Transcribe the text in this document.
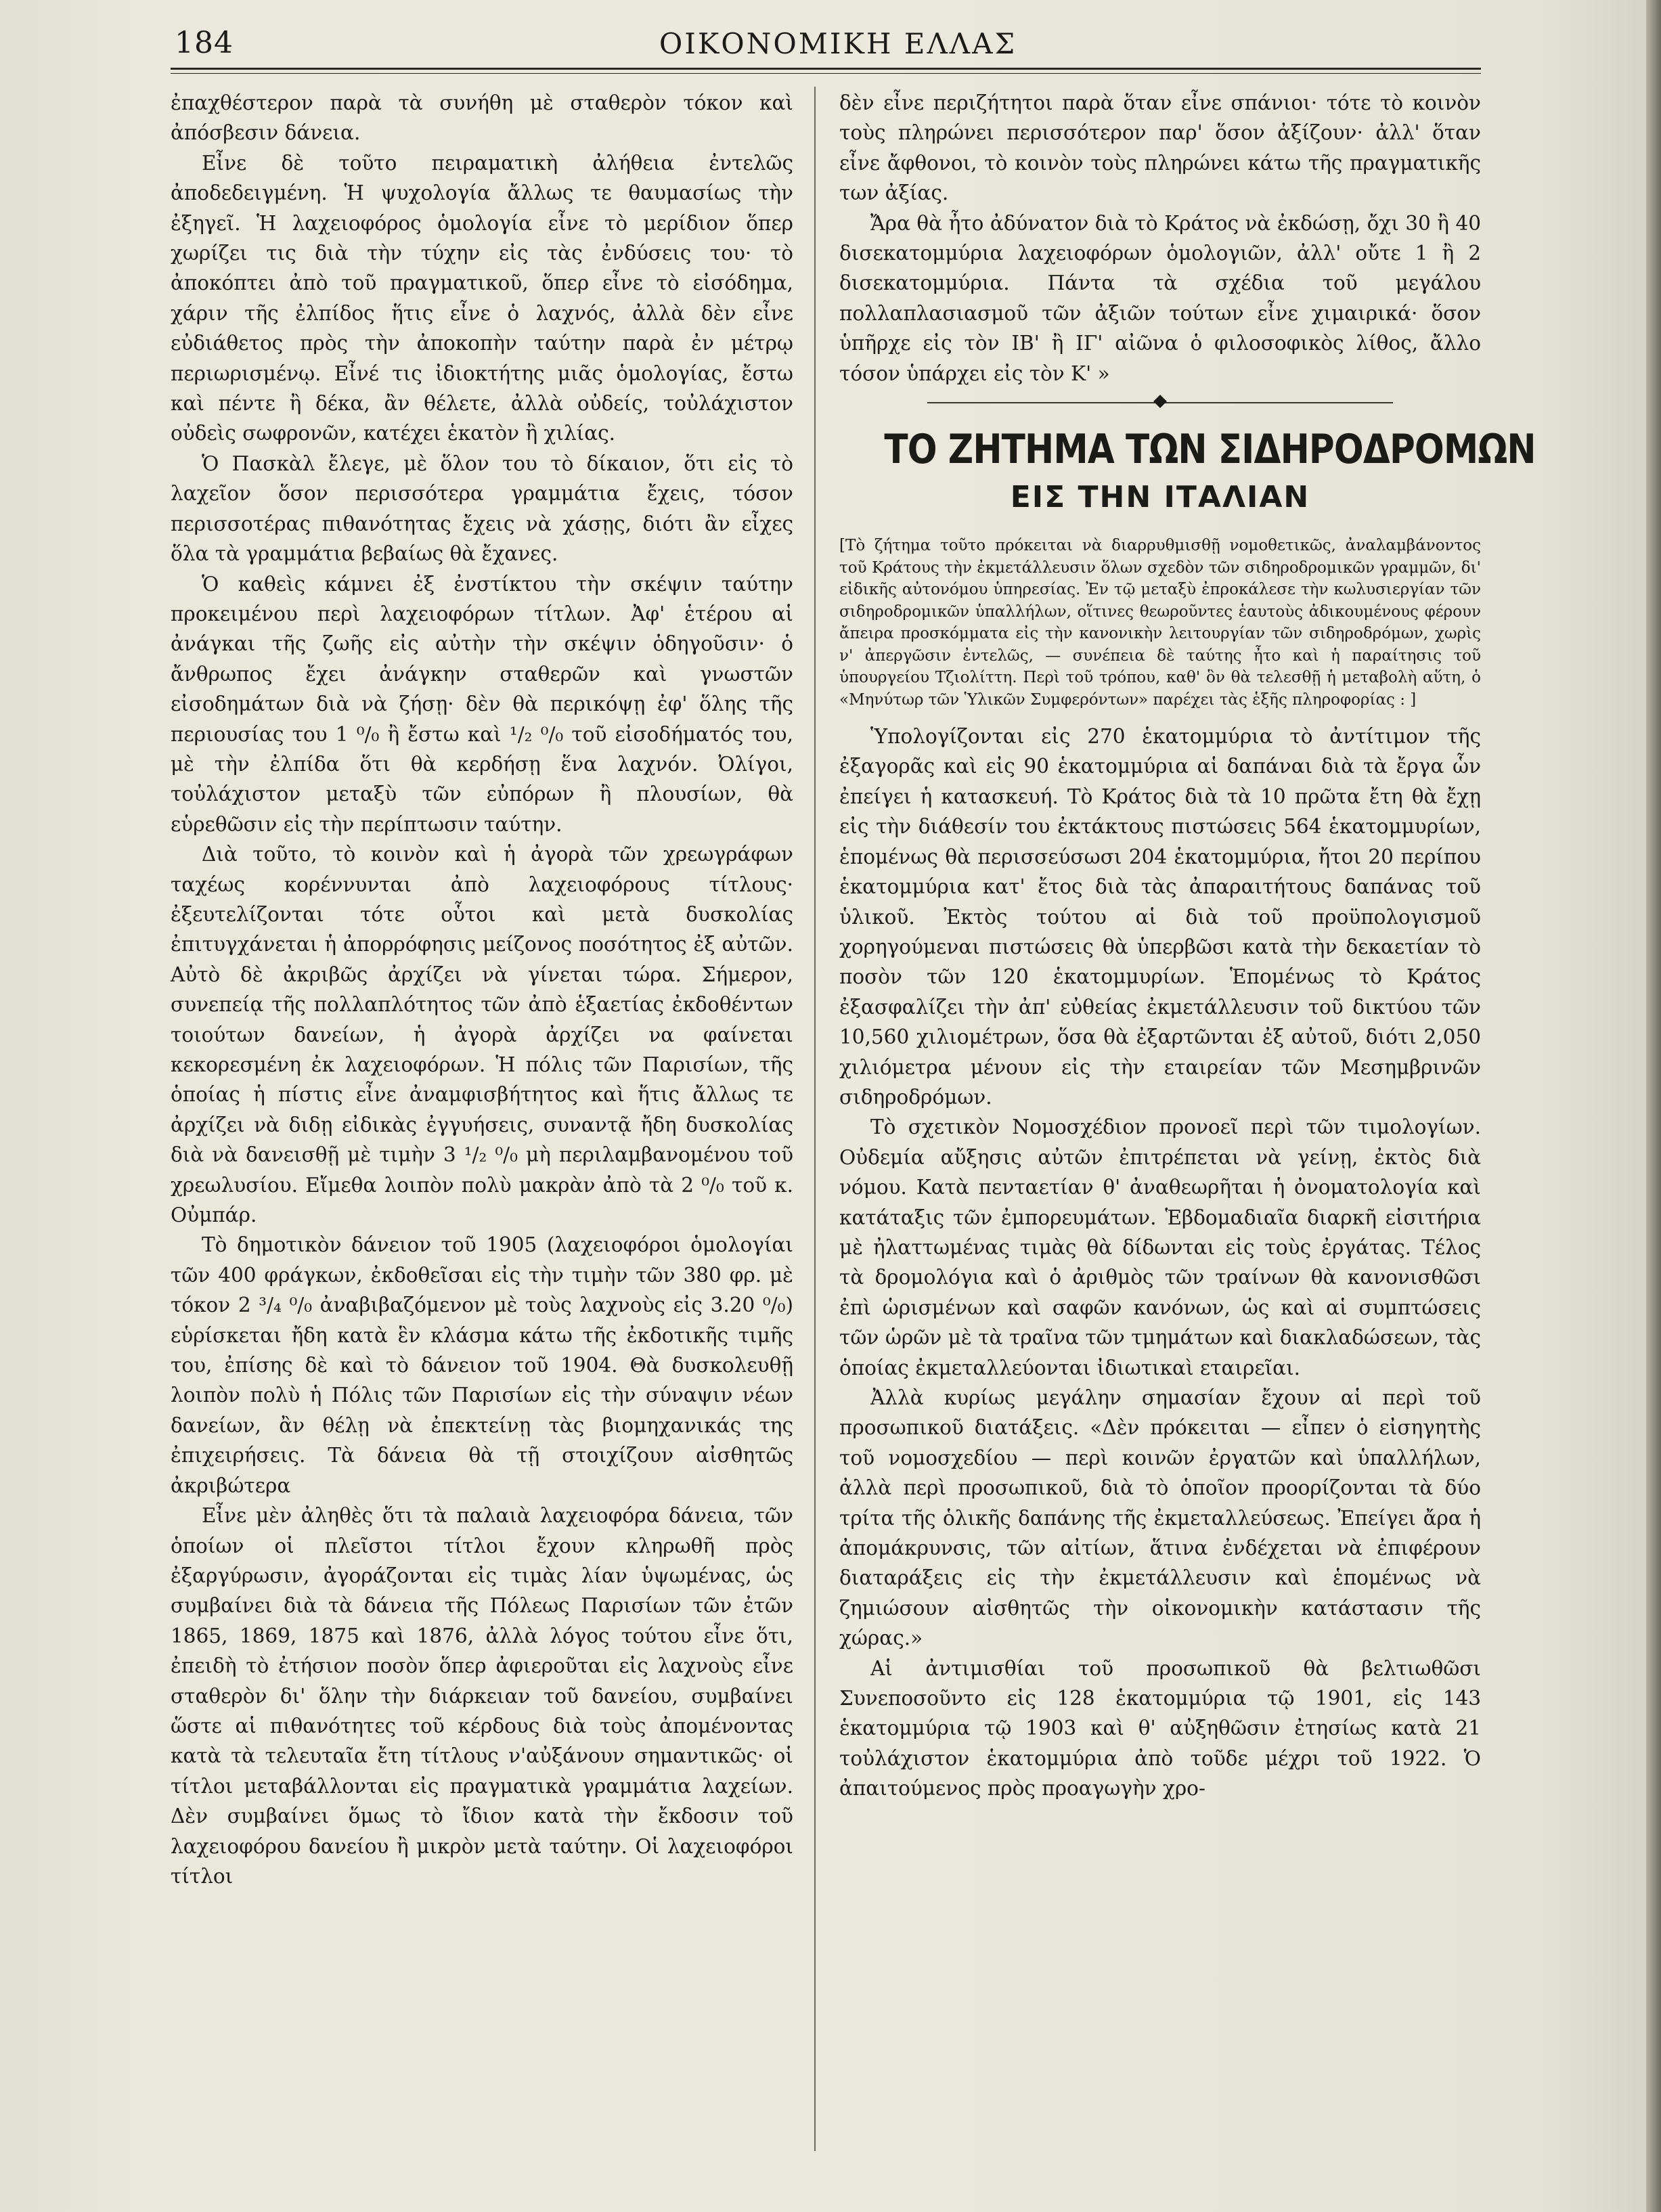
184	ΟΙΚΟΝΟΜΙΚΗ ΕΛΛΑΣ

ἐπαχθέστερον παρὰ τὰ συνήθη μὲ σταθερὸν τόκον καὶ ἀπόσβεσιν δάνεια.

Εἶνε δὲ τοῦτο πειραματικὴ ἀλήθεια ἐντελῶς ἀποδεδειγμένη. Ἡ ψυχολογία ἄλλως τε θαυμασίως τὴν ἐξηγεῖ. Ἡ λαχειοφόρος ὁμολογία εἶνε τὸ μερίδιον ὅπερ χωρίζει τις διὰ τὴν τύχην εἰς τὰς ἐνδύσεις του· τὸ ἀποκόπτει ἀπὸ τοῦ πραγματικοῦ, ὅπερ εἶνε τὸ εἰσόδημα, χάριν τῆς ἐλπίδος ἥτις εἶνε ὁ λαχνός, ἀλλὰ δὲν εἶνε εὐδιάθετος πρὸς τὴν ἀποκοπὴν ταύτην παρὰ ἐν μέτρῳ περιωρισμένῳ. Εἶνέ τις ἰδιοκτήτης μιᾶς ὁμολογίας, ἔστω καὶ πέντε ἢ δέκα, ἂν θέλετε, ἀλλὰ οὐδείς, τοὐλάχιστον οὐδεὶς σωφρονῶν, κατέχει ἑκατὸν ἢ χιλίας.

Ὁ Πασκὰλ ἔλεγε, μὲ ὅλον του τὸ δίκαιον, ὅτι εἰς τὸ λαχεῖον ὅσον περισσότερα γραμμάτια ἔχεις, τόσον περισσοτέρας πιθανότητας ἔχεις νὰ χάσῃς, διότι ἂν εἶχες ὅλα τὰ γραμμάτια βεβαίως θὰ ἔχανες.

Ὁ καθεὶς κάμνει ἐξ ἐνστίκτου τὴν σκέψιν ταύτην προκειμένου περὶ λαχειοφόρων τίτλων. Ἀφ' ἑτέρου αἱ ἀνάγκαι τῆς ζωῆς εἰς αὐτὴν τὴν σκέψιν ὁδηγοῦσιν· ὁ ἄνθρωπος ἔχει ἀνάγκην σταθερῶν καὶ γνωστῶν εἰσοδημάτων διὰ νὰ ζήσῃ· δὲν θὰ περικόψῃ ἐφ' ὅλης τῆς περιουσίας του 1 ⁰/₀ ἢ ἔστω καὶ ¹/₂ ⁰/₀ τοῦ εἰσοδήματός του, μὲ τὴν ἐλπίδα ὅτι θὰ κερδήσῃ ἕνα λαχνόν. Ὀλίγοι, τοὐλάχιστον μεταξὺ τῶν εὐπόρων ἢ πλουσίων, θὰ εὑρεθῶσιν εἰς τὴν περίπτωσιν ταύτην.

Διὰ τοῦτο, τὸ κοινὸν καὶ ἡ ἀγορὰ τῶν χρεωγράφων ταχέως κορέννυνται ἀπὸ λαχειοφόρους τίτλους· ἐξευτελίζονται τότε οὗτοι καὶ μετὰ δυσκολίας ἐπιτυγχάνεται ἡ ἀπορρόφησις μείζονος ποσότητος ἐξ αὐτῶν. Αὐτὸ δὲ ἀκριβῶς ἀρχίζει νὰ γίνεται τώρα. Σήμερον, συνεπείᾳ τῆς πολλαπλότητος τῶν ἀπὸ ἑξαετίας ἐκδοθέντων τοιούτων δανείων, ἡ ἀγορὰ ἀρχίζει να φαίνεται κεκορεσμένη ἐκ λαχειοφόρων. Ἡ πόλις τῶν Παρισίων, τῆς ὁποίας ἡ πίστις εἶνε ἀναμφισβήτητος καὶ ἥτις ἄλλως τε ἀρχίζει νὰ διδῃ εἰδικὰς ἐγγυήσεις, συναντᾷ ἤδη δυσκολίας διὰ νὰ δανεισθῇ μὲ τιμὴν 3 ¹/₂ ⁰/₀ μὴ περιλαμβανομένου τοῦ χρεωλυσίου. Εἴμεθα λοιπὸν πολὺ μακρὰν ἀπὸ τὰ 2 ⁰/₀ τοῦ κ. Οὐμπάρ.

Τὸ δημοτικὸν δάνειον τοῦ 1905 (λαχειοφόροι ὁμολογίαι τῶν 400 φράγκων, ἐκδοθεῖσαι εἰς τὴν τιμὴν τῶν 380 φρ. μὲ τόκον 2 ³/₄ ⁰/₀ ἀναβιβαζόμενον μὲ τοὺς λαχνοὺς εἰς 3.20 ⁰/₀) εὑρίσκεται ἤδη κατὰ ἓν κλάσμα κάτω τῆς ἐκδοτικῆς τιμῆς του, ἐπίσης δὲ καὶ τὸ δάνειον τοῦ 1904. Θὰ δυσκολευθῇ λοιπὸν πολὺ ἡ Πόλις τῶν Παρισίων εἰς τὴν σύναψιν νέων δανείων, ἂν θέλῃ νὰ ἐπεκτείνῃ τὰς βιομηχανικάς της ἐπιχειρήσεις. Τὰ δάνεια θὰ τῇ στοιχίζουν αἰσθητῶς ἀκριβώτερα

Εἶνε μὲν ἀληθὲς ὅτι τὰ παλαιὰ λαχειοφόρα δάνεια, τῶν ὁποίων οἱ πλεῖστοι τίτλοι ἔχουν κληρωθῆ πρὸς ἐξαργύρωσιν, ἀγοράζονται εἰς τιμὰς λίαν ὑψωμένας, ὡς συμβαίνει διὰ τὰ δάνεια τῆς Πόλεως Παρισίων τῶν ἐτῶν 1865, 1869, 1875 καὶ 1876, ἀλλὰ λόγος τούτου εἶνε ὅτι, ἐπειδὴ τὸ ἐτήσιον ποσὸν ὅπερ ἀφιεροῦται εἰς λαχνοὺς εἶνε σταθερὸν δι' ὅλην τὴν διάρκειαν τοῦ δανείου, συμβαίνει ὥστε αἱ πιθανότητες τοῦ κέρδους διὰ τοὺς ἀπομένοντας κατὰ τὰ τελευταῖα ἔτη τίτλους ν'αὐξάνουν σημαντικῶς· οἱ τίτλοι μεταβάλλονται εἰς πραγματικὰ γραμμάτια λαχείων. Δὲν συμβαίνει ὅμως τὸ ἴδιον κατὰ τὴν ἔκδοσιν τοῦ λαχειοφόρου δανείου ἢ μικρὸν μετὰ ταύτην. Οἱ λαχειοφόροι τίτλοι

δὲν εἶνε περιζήτητοι παρὰ ὅταν εἶνε σπάνιοι· τότε τὸ κοινὸν τοὺς πληρώνει περισσότερον παρ' ὅσον ἀξίζουν· ἀλλ' ὅταν εἶνε ἄφθονοι, τὸ κοινὸν τοὺς πληρώνει κάτω τῆς πραγματικῆς των ἀξίας.

Ἄρα θὰ ἦτο ἀδύνατον διὰ τὸ Κράτος νὰ ἐκδώσῃ, ὄχι 30 ἢ 40 δισεκατομμύρια λαχειοφόρων ὁμολογιῶν, ἀλλ' οὔτε 1 ἢ 2 δισεκατομμύρια. Πάντα τὰ σχέδια τοῦ μεγάλου πολλαπλασιασμοῦ τῶν ἀξιῶν τούτων εἶνε χιμαιρικά· ὅσον ὑπῆρχε εἰς τὸν ΙΒ' ἢ ΙΓ' αἰῶνα ὁ φιλοσοφικὸς λίθος, ἄλλο τόσον ὑπάρχει εἰς τὸν Κ' »

ΤΟ ΖΗΤΗΜΑ ΤΩΝ ΣΙΔΗΡΟΔΡΟΜΩΝ
ΕΙΣ ΤΗΝ ΙΤΑΛΙΑΝ

[Τὸ ζήτημα τοῦτο πρόκειται νὰ διαρρυθμισθῇ νομοθετικῶς, ἀναλαμβάνοντος τοῦ Κράτους τὴν ἐκμετάλλευσιν ὅλων σχεδὸν τῶν σιδηροδρομικῶν γραμμῶν, δι' εἰδικῆς αὐτονόμου ὑπηρεσίας. Ἐν τῷ μεταξὺ ἐπροκάλεσε τὴν κωλυσιεργίαν τῶν σιδηροδρομικῶν ὑπαλλήλων, οἵτινες θεωροῦντες ἑαυτοὺς ἀδικουμένους φέρουν ἄπειρα προσκόμματα εἰς τὴν κανονικὴν λειτουργίαν τῶν σιδηροδρόμων, χωρὶς ν' ἀπεργῶσιν ἐντελῶς, — συνέπεια δὲ ταύτης ἦτο καὶ ἡ παραίτησις τοῦ ὑπουργείου Τζιολίττη. Περὶ τοῦ τρόπου, καθ' ὃν θὰ τελεσθῇ ἡ μεταβολὴ αὕτη, ὁ «Μηνύτωρ τῶν Ὑλικῶν Συμφερόντων» παρέχει τὰς ἑξῆς πληροφορίας : ]

Ὑπολογίζονται εἰς 270 ἑκατομμύρια τὸ ἀντίτιμον τῆς ἐξαγορᾶς καὶ εἰς 90 ἑκατομμύρια αἱ δαπάναι διὰ τὰ ἔργα ὧν ἐπείγει ἡ κατασκευή. Τὸ Κράτος διὰ τὰ 10 πρῶτα ἔτη θὰ ἔχῃ εἰς τὴν διάθεσίν του ἐκτάκτους πιστώσεις 564 ἑκατομμυρίων, ἑπομένως θὰ περισσεύσωσι 204 ἑκατομμύρια, ἤτοι 20 περίπου ἑκατομμύρια κατ' ἔτος διὰ τὰς ἀπαραιτήτους δαπάνας τοῦ ὑλικοῦ. Ἐκτὸς τούτου αἱ διὰ τοῦ προϋπολογισμοῦ χορηγούμεναι πιστώσεις θὰ ὑπερβῶσι κατὰ τὴν δεκαετίαν τὸ ποσὸν τῶν 120 ἑκατομμυρίων. Ἑπομένως τὸ Κράτος ἐξασφαλίζει τὴν ἀπ' εὐθείας ἐκμετάλλευσιν τοῦ δικτύου τῶν 10,560 χιλιομέτρων, ὅσα θὰ ἐξαρτῶνται ἐξ αὐτοῦ, διότι 2,050 χιλιόμετρα μένουν εἰς τὴν εταιρείαν τῶν Μεσημβρινῶν σιδηροδρόμων.

Τὸ σχετικὸν Νομοσχέδιον προνοεῖ περὶ τῶν τιμολογίων. Οὐδεμία αὔξησις αὐτῶν ἐπιτρέπεται νὰ γείνῃ, ἐκτὸς διὰ νόμου. Κατὰ πενταετίαν θ' ἀναθεωρῆται ἡ ὀνοματολογία καὶ κατάταξις τῶν ἐμπορευμάτων. Ἑβδομαδιαῖα διαρκῆ εἰσιτήρια μὲ ἠλαττωμένας τιμὰς θὰ δίδωνται εἰς τοὺς ἐργάτας. Τέλος τὰ δρομολόγια καὶ ὁ ἀριθμὸς τῶν τραίνων θὰ κανονισθῶσι ἐπὶ ὡρισμένων καὶ σαφῶν κανόνων, ὡς καὶ αἱ συμπτώσεις τῶν ὡρῶν μὲ τὰ τραῖνα τῶν τμημάτων καὶ διακλαδώσεων, τὰς ὁποίας ἐκμεταλλεύονται ἰδιωτικαὶ εταιρεῖαι.

Ἀλλὰ κυρίως μεγάλην σημασίαν ἔχουν αἱ περὶ τοῦ προσωπικοῦ διατάξεις. «Δὲν πρόκειται — εἶπεν ὁ εἰσηγητὴς τοῦ νομοσχεδίου — περὶ κοινῶν ἐργατῶν καὶ ὑπαλλήλων, ἀλλὰ περὶ προσωπικοῦ, διὰ τὸ ὁποῖον προορίζονται τὰ δύο τρίτα τῆς ὁλικῆς δαπάνης τῆς ἐκμεταλλεύσεως. Ἐπείγει ἄρα ἡ ἀπομάκρυνσις, τῶν αἰτίων, ἅτινα ἐνδέχεται νὰ ἐπιφέρουν διαταράξεις εἰς τὴν ἐκμετάλλευσιν καὶ ἑπομένως νὰ ζημιώσουν αἰσθητῶς τὴν οἰκονομικὴν κατάστασιν τῆς χώρας.»

Αἱ ἀντιμισθίαι τοῦ προσωπικοῦ θὰ βελτιωθῶσι Συνεποσοῦντο εἰς 128 ἑκατομμύρια τῷ 1901, εἰς 143 ἑκατομμύρια τῷ 1903 καὶ θ' αὐξηθῶσιν ἐτησίως κατὰ 21 τοὐλάχιστον ἑκατομμύρια ἀπὸ τοῦδε μέχρι τοῦ 1922. Ὁ ἀπαιτούμενος πρὸς προαγωγὴν χρο-
